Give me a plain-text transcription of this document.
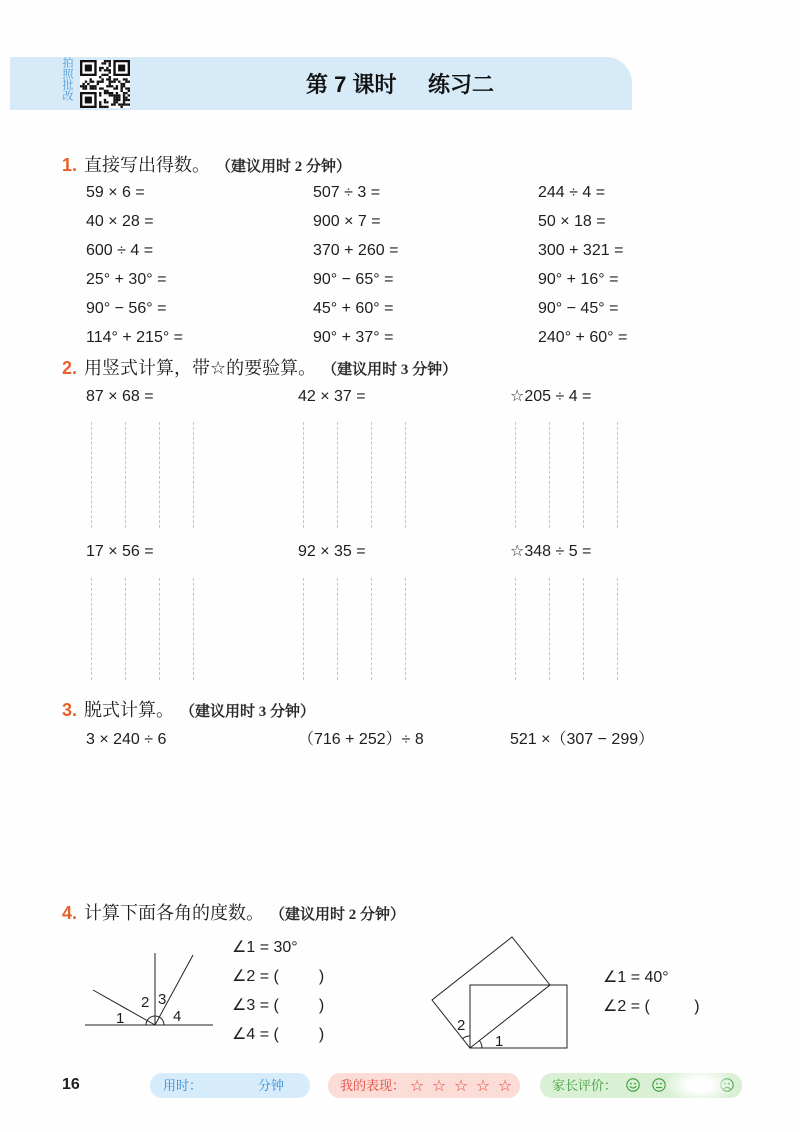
拍照批改	第 7 课时 练习二
1. 直接写出得数。 （建议用时 2 分钟）
59 × 6 =	507 ÷ 3 =	244 ÷ 4 =
40 × 28 =	900 × 7 =	50 × 18 =
600 ÷ 4 =	370 + 260 =	300 + 321 =
25° + 30° =	90° − 65° =	90° + 16° =
90° − 56° =	45° + 60° =	90° − 45° =
114° + 215° =	90° + 37° =	240° + 60° =
2. 用竖式计算，带☆的要验算。 （建议用时 3 分钟）
87 × 68 =	42 × 37 =	☆205 ÷ 4 =
17 × 56 =	92 × 35 =	☆348 ÷ 5 =
3. 脱式计算。 （建议用时 3 分钟）
3 × 240 ÷ 6	（716 + 252）÷ 8	521 ×（307 − 299）
4. 计算下面各角的度数。 （建议用时 2 分钟）
1
2 3
4
∠1 = 30°
∠2 = (         )
∠3 = (         )
∠4 = (         )
2
1
∠1 = 40°
∠2 = (          )
16	用时：	分钟	我的表现： ☆ ☆ ☆ ☆ ☆	家长评价：
